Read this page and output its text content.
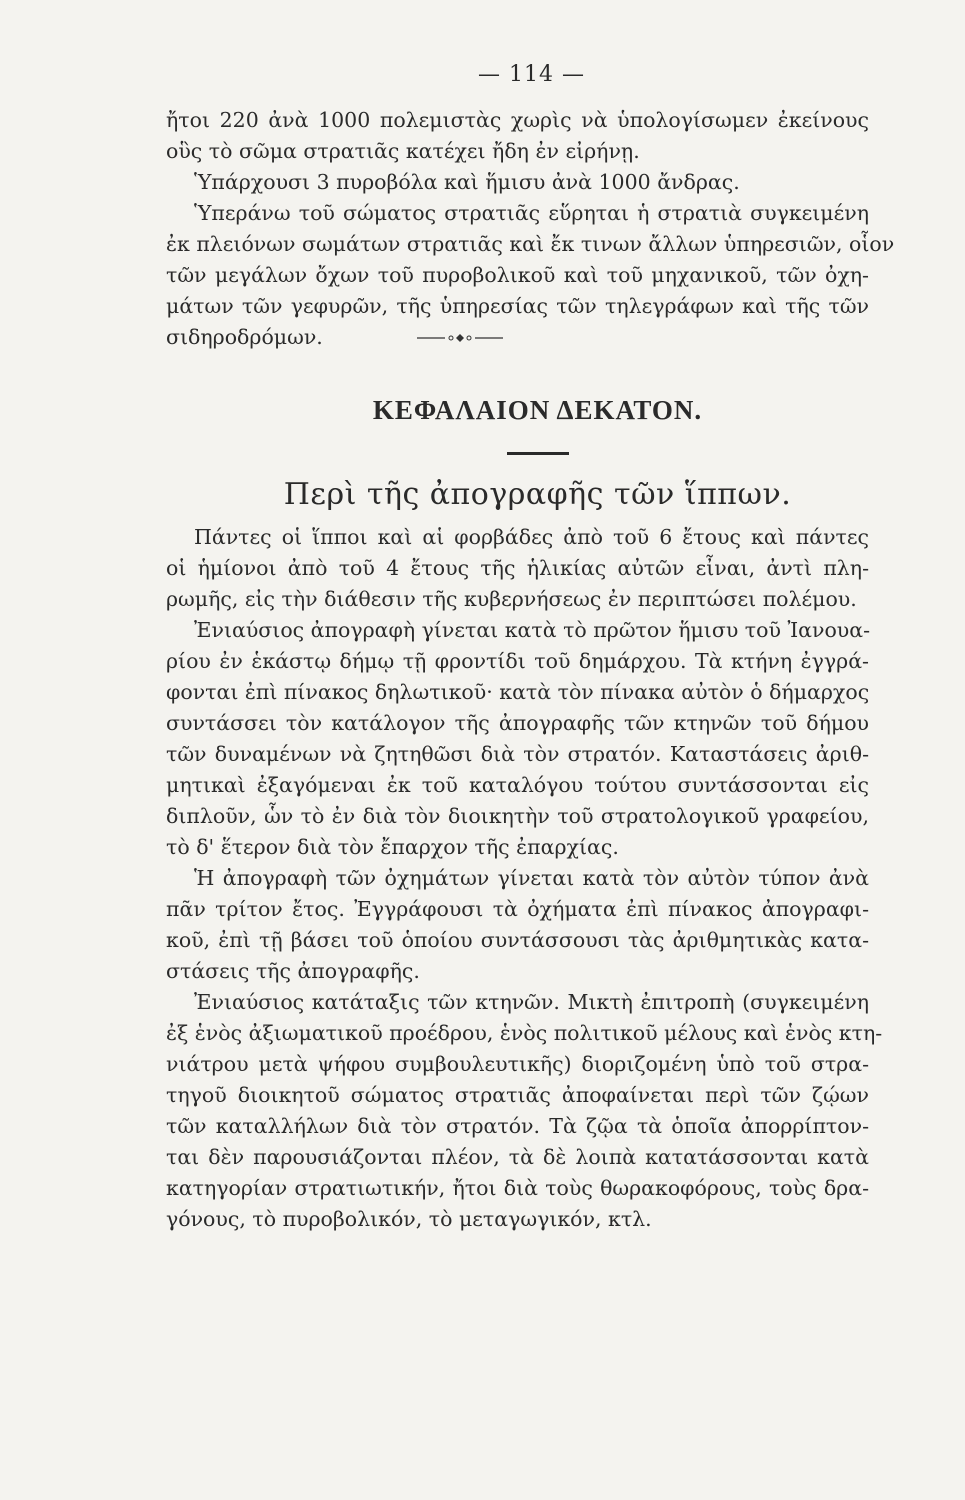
— 114 —

ἤτοι 220 ἀνὰ 1000 πολεμιστὰς χωρὶς νὰ ὑπολογίσωμεν ἐκείνους

οὓς τὸ σῶμα στρατιᾶς κατέχει ἤδη ἐν εἰρήνῃ.

Ὑπάρχουσι 3 πυροβόλα καὶ ἥμισυ ἀνὰ 1000 ἄνδρας.

Ὑπεράνω τοῦ σώματος στρατιᾶς εὕρηται ἡ στρατιὰ συγκειμένη

ἐκ πλειόνων σωμάτων στρατιᾶς καὶ ἔκ τινων ἄλλων ὑπηρεσιῶν, οἷον

τῶν μεγάλων ὄχων τοῦ πυροβολικοῦ καὶ τοῦ μηχανικοῦ, τῶν ὀχη-

μάτων τῶν γεφυρῶν, τῆς ὑπηρεσίας τῶν τηλεγράφων καὶ τῆς τῶν

σιδηροδρόμων.
ΚΕΦΑΛΑΙΟΝ ΔΕΚΑΤΟΝ.
Περὶ τῆς ἀπογραφῆς τῶν ἵππων.

Πάντες οἱ ἵπποι καὶ αἱ φορβάδες ἀπὸ τοῦ 6 ἔτους καὶ πάντες

οἱ ἡμίονοι ἀπὸ τοῦ 4 ἔτους τῆς ἡλικίας αὐτῶν εἶναι, ἀντὶ πλη-

ρωμῆς, εἰς τὴν διάθεσιν τῆς κυβερνήσεως ἐν περιπτώσει πολέμου.

Ἐνιαύσιος ἀπογραφὴ γίνεται κατὰ τὸ πρῶτον ἥμισυ τοῦ Ἰανουα-

ρίου ἐν ἑκάστῳ δήμῳ τῇ φροντίδι τοῦ δημάρχου. Τὰ κτήνη ἐγγρά-

φονται ἐπὶ πίνακος δηλωτικοῦ· κατὰ τὸν πίνακα αὐτὸν ὁ δήμαρχος

συντάσσει τὸν κατάλογον τῆς ἀπογραφῆς τῶν κτηνῶν τοῦ δήμου

τῶν δυναμένων νὰ ζητηθῶσι διὰ τὸν στρατόν. Καταστάσεις ἀριθ-

μητικαὶ ἐξαγόμεναι ἐκ τοῦ καταλόγου τούτου συντάσσονται εἰς

διπλοῦν, ὧν τὸ ἐν διὰ τὸν διοικητὴν τοῦ στρατολογικοῦ γραφείου,

τὸ δ' ἕτερον διὰ τὸν ἔπαρχον τῆς ἐπαρχίας.

Ἡ ἀπογραφὴ τῶν ὀχημάτων γίνεται κατὰ τὸν αὐτὸν τύπον ἀνὰ

πᾶν τρίτον ἔτος. Ἐγγράφουσι τὰ ὀχήματα ἐπὶ πίνακος ἀπογραφι-

κοῦ, ἐπὶ τῇ βάσει τοῦ ὁποίου συντάσσουσι τὰς ἀριθμητικὰς κατα-

στάσεις τῆς ἀπογραφῆς.

Ἐνιαύσιος κατάταξις τῶν κτηνῶν. Μικτὴ ἐπιτροπὴ (συγκειμένη

ἐξ ἑνὸς ἀξιωματικοῦ προέδρου, ἑνὸς πολιτικοῦ μέλους καὶ ἑνὸς κτη-

νιάτρου μετὰ ψήφου συμβουλευτικῆς) διοριζομένη ὑπὸ τοῦ στρα-

τηγοῦ διοικητοῦ σώματος στρατιᾶς ἀποφαίνεται περὶ τῶν ζῴων

τῶν καταλλήλων διὰ τὸν στρατόν. Τὰ ζῷα τὰ ὁποῖα ἀπορρίπτον-

ται δὲν παρουσιάζονται πλέον, τὰ δὲ λοιπὰ κατατάσσονται κατὰ

κατηγορίαν στρατιωτικήν, ἤτοι διὰ τοὺς θωρακοφόρους, τοὺς δρα-

γόνους, τὸ πυροβολικόν, τὸ μεταγωγικόν, κτλ.
